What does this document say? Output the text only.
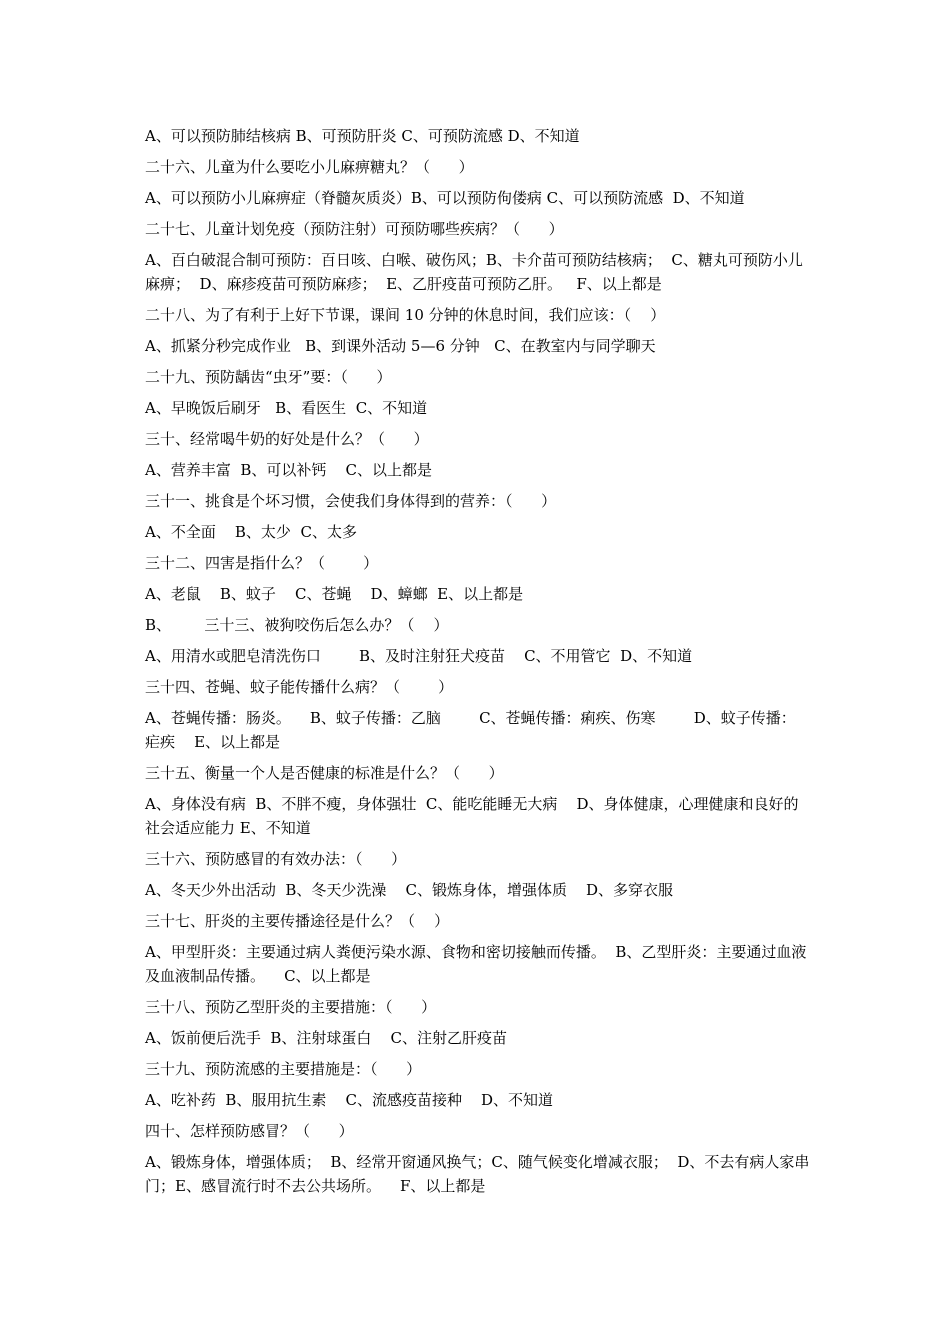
A、可以预防肺结核病 B、可预防肝炎 C、可预防流感 D、不知道
二十六、儿童为什么要吃小儿麻痹糖丸？（      ）
A、可以预防小儿麻痹症（脊髓灰质炎）B、可以预防佝偻病 C、可以预防流感  D、不知道
二十七、儿童计划免疫（预防注射）可预防哪些疾病？（      ）
A、百白破混合制可预防：百日咳、白喉、破伤风；B、卡介苗可预防结核病；  C、糖丸可预防小儿麻痹；  D、麻疹疫苗可预防麻疹；  E、乙肝疫苗可预防乙肝。   F、以上都是
二十八、为了有利于上好下节课，课间 10 分钟的休息时间，我们应该：（    ）
A、抓紧分秒完成作业   B、到课外活动 5—6 分钟   C、在教室内与同学聊天
二十九、预防龋齿“虫牙”要：（      ）
A、早晚饭后刷牙   B、看医生  C、不知道
三十、经常喝牛奶的好处是什么？（      ）
A、营养丰富  B、可以补钙    C、以上都是
三十一、挑食是个坏习惯，会使我们身体得到的营养：（      ）
A、不全面    B、太少  C、太多
三十二、四害是指什么？（        ）
A、老鼠    B、蚊子    C、苍蝇    D、蟑螂  E、以上都是
B、       三十三、被狗咬伤后怎么办？（    ）
A、用清水或肥皂清洗伤口        B、及时注射狂犬疫苗    C、不用管它  D、不知道
三十四、苍蝇、蚊子能传播什么病？（        ）
A、苍蝇传播：肠炎。    B、蚊子传播：乙脑        C、苍蝇传播：痢疾、伤寒        D、蚊子传播：疟疾    E、以上都是
三十五、衡量一个人是否健康的标准是什么？（      ）
A、身体没有病  B、不胖不瘦，身体强壮  C、能吃能睡无大病    D、身体健康，心理健康和良好的社会适应能力 E、不知道
三十六、预防感冒的有效办法：（      ）
A、冬天少外出活动  B、冬天少洗澡    C、锻炼身体，增强体质    D、多穿衣服
三十七、肝炎的主要传播途径是什么？（    ）
A、甲型肝炎：主要通过病人粪便污染水源、食物和密切接触而传播。  B、乙型肝炎：主要通过血液及血液制品传播。    C、以上都是
三十八、预防乙型肝炎的主要措施：（      ）
A、饭前便后洗手  B、注射球蛋白    C、注射乙肝疫苗
三十九、预防流感的主要措施是：（      ）
A、吃补药  B、服用抗生素    C、流感疫苗接种    D、不知道
四十、怎样预防感冒？（      ）
A、锻炼身体，增强体质；  B、经常开窗通风换气；C、随气候变化增减衣服；  D、不去有病人家串门；E、感冒流行时不去公共场所。    F、以上都是
